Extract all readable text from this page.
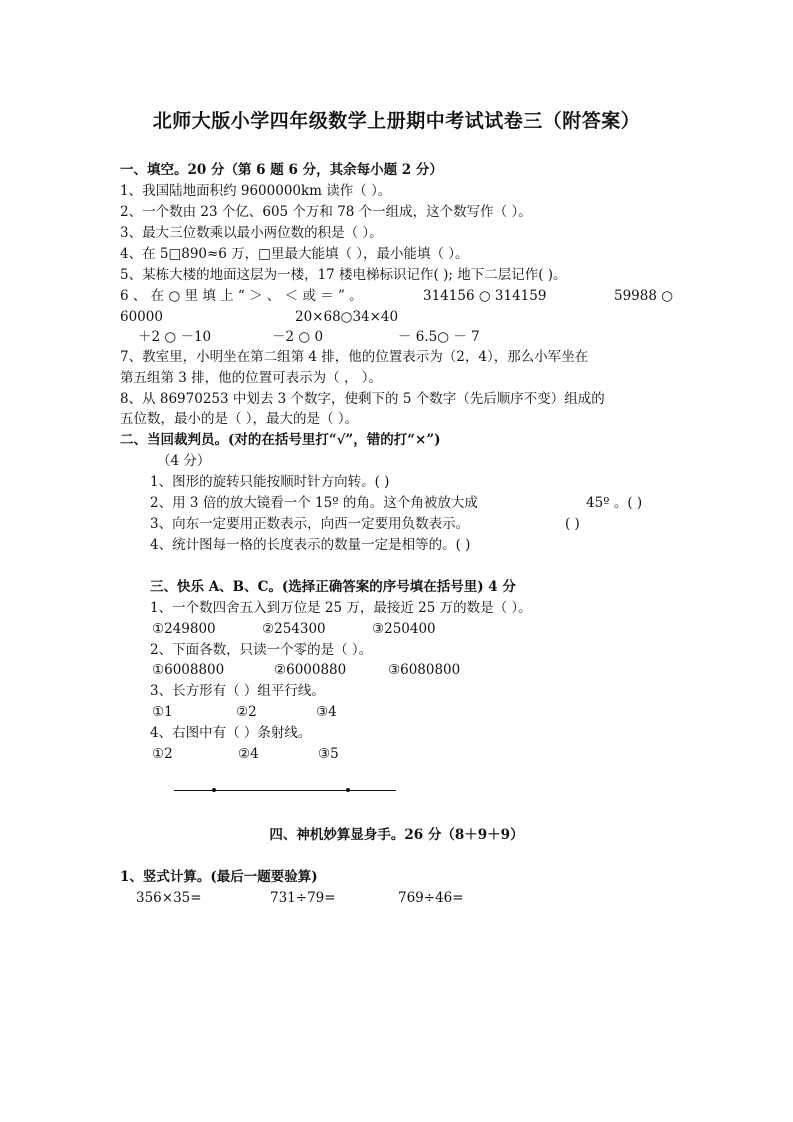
北师大版小学四年级数学上册期中考试试卷三（附答案）
一、填空。20 分（第 6 题 6 分，其余每小题 2 分）
1、我国陆地面积约 9600000km 读作（ ）。
2、一个数由 23 个亿、605 个万和 78 个一组成，这个数写作（ ）。
3、最大三位数乘以最小两位数的积是（ ）。
4、在 5□890≈6 万，□里最大能填（ ），最小能填（ ）。
5、某栋大楼的地面这层为一楼，17 楼电梯标识记作( ); 地下二层记作( )。
6 、 在 ○ 里 填 上 “ ＞ 、 ＜ 或 ＝ ” 。	314156 ○ 314159	59988 ○
60000	20×68○34×40
＋2 ○ －10	－2 ○ 0	－ 6.5○ － 7
7、教室里，小明坐在第二组第 4 排，他的位置表示为（2，4），那么小军坐在
第五组第 3 排，他的位置可表示为（ ， ）。
8、从 86970253 中划去 3 个数字，使剩下的 5 个数字（先后顺序不变）组成的
五位数，最小的是（ ），最大的是（ ）。
二、当回裁判员。(对的在括号里打“√”，错的打“×”)
（4 分）
1、图形的旋转只能按顺时针方向转。( )
2、用 3 倍的放大镜看一个 15º 的角。这个角被放大成	45º 。( )
3、向东一定要用正数表示，向西一定要用负数表示。	( )
4、统计图每一格的长度表示的数量一定是相等的。( )
三、快乐 A、B、C。(选择正确答案的序号填在括号里) 4 分
1、一个数四舍五入到万位是 25 万，最接近 25 万的数是（ ）。
①249800	②254300	③250400
2、下面各数，只读一个零的是（ ）。
①6008800	②6000880	③6080800
3、长方形有（ ）组平行线。
①1	②2	③4
4、右图中有（ ）条射线。
①2	②4	③5
四、神机妙算显身手。26 分（8＋9＋9）
1、竖式计算。(最后一题要验算)
356×35=	731÷79=	769÷46=
